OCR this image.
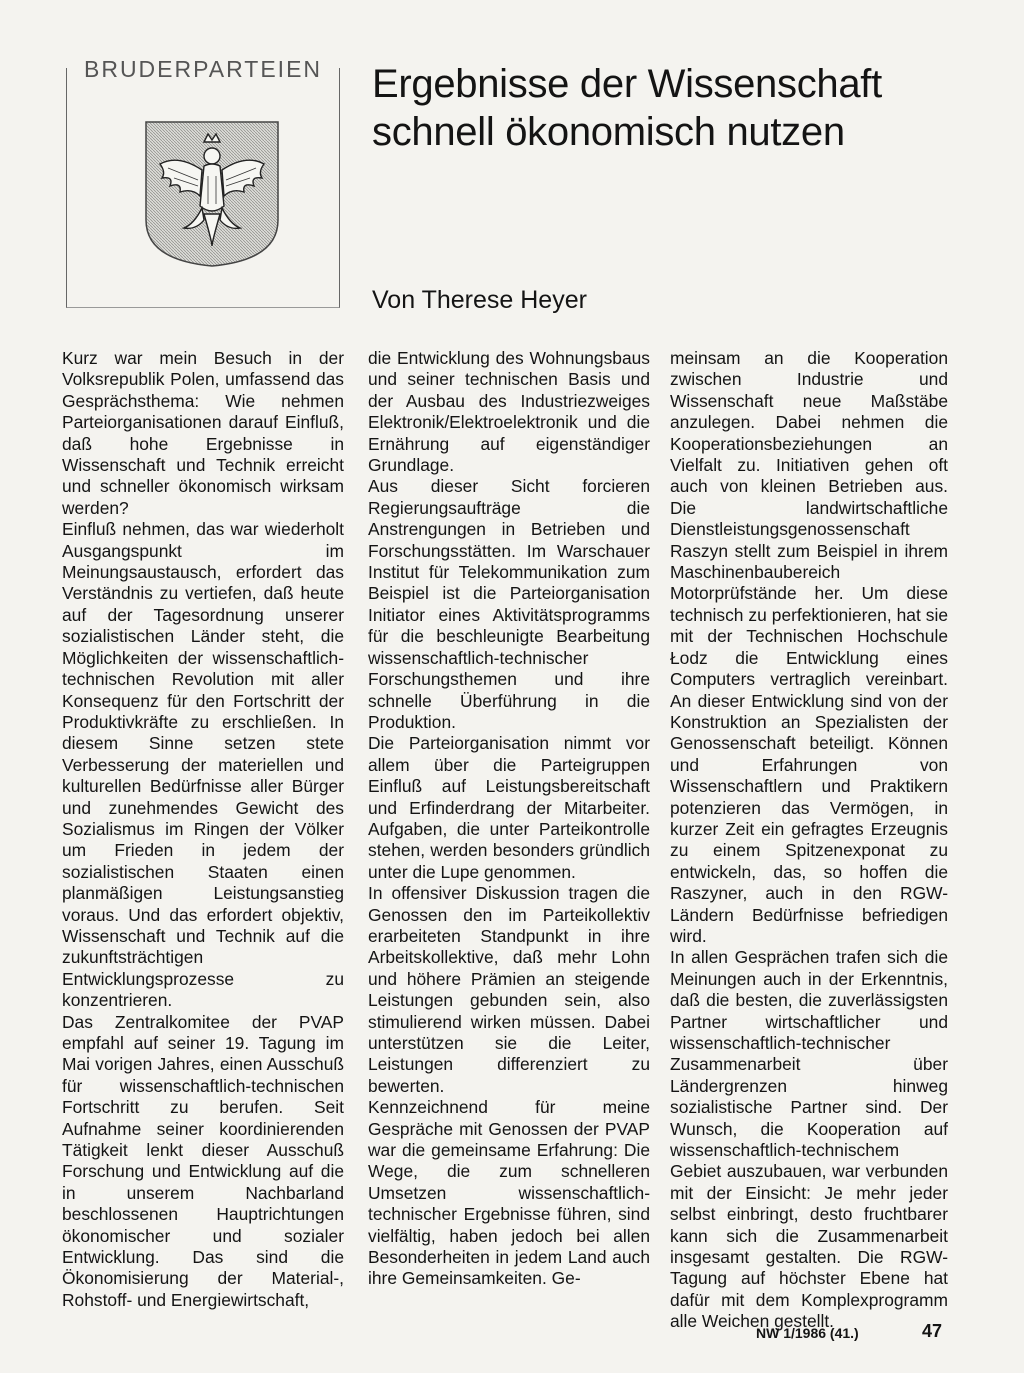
BRUDERPARTEIEN Ergebnisse der Wissenschaft
schnell ökonomisch nutzen
Von Therese Heyer

Kurz war mein Besuch in der Volksrepublik Polen, umfassend das Gesprächsthema: Wie nehmen Parteiorganisationen darauf Einfluß, daß hohe Ergebnisse in Wissenschaft und Technik erreicht und schneller ökonomisch wirksam werden?

Einfluß nehmen, das war wiederholt Ausgangspunkt im Meinungsaustausch, erfordert das Verständnis zu vertiefen, daß heute auf der Tagesordnung unserer sozialistischen Länder steht, die Möglichkeiten der wissenschaftlich-technischen Revolution mit aller Konsequenz für den Fortschritt der Produktivkräfte zu erschließen. In diesem Sinne setzen stete Verbesserung der materiellen und kulturellen Bedürfnisse aller Bürger und zunehmendes Gewicht des Sozialismus im Ringen der Völker um Frieden in jedem der sozialistischen Staaten einen planmäßigen Leistungsanstieg voraus. Und das erfordert objektiv, Wissenschaft und Technik auf die zukunftsträchtigen Entwicklungsprozesse zu konzentrieren.

Das Zentralkomitee der PVAP empfahl auf seiner 19. Tagung im Mai vorigen Jahres, einen Ausschuß für wissenschaftlich-technischen Fortschritt zu berufen. Seit Aufnahme seiner koordinierenden Tätigkeit lenkt dieser Ausschuß Forschung und Entwicklung auf die in unserem Nachbarland beschlossenen Hauptrichtungen ökonomischer und sozialer Entwicklung. Das sind die Ökonomisierung der Material-, Rohstoff- und Energiewirtschaft,

die Entwicklung des Wohnungsbaus und seiner technischen Basis und der Ausbau des Industriezweiges Elektronik/Elektroelektronik und die Ernährung auf eigenständiger Grundlage.

Aus dieser Sicht forcieren Regierungsaufträge die Anstrengungen in Betrieben und Forschungsstätten. Im Warschauer Institut für Telekommunikation zum Beispiel ist die Parteiorganisation Initiator eines Aktivitätsprogramms für die beschleunigte Bearbeitung wissenschaftlich-technischer Forschungsthemen und ihre schnelle Überführung in die Produktion.

Die Parteiorganisation nimmt vor allem über die Parteigruppen Einfluß auf Leistungsbereitschaft und Erfinderdrang der Mitarbeiter. Aufgaben, die unter Parteikontrolle stehen, werden besonders gründlich unter die Lupe genommen.

In offensiver Diskussion tragen die Genossen den im Parteikollektiv erarbeiteten Standpunkt in ihre Arbeitskollektive, daß mehr Lohn und höhere Prämien an steigende Leistungen gebunden sein, also stimulierend wirken müssen. Dabei unterstützen sie die Leiter, Leistungen differenziert zu bewerten.

Kennzeichnend für meine Gespräche mit Genossen der PVAP war die gemeinsame Erfahrung: Die Wege, die zum schnelleren Umsetzen wissenschaftlich-technischer Ergebnisse führen, sind vielfältig, haben jedoch bei allen Besonderheiten in jedem Land auch ihre Gemeinsamkeiten. Ge-

meinsam an die Kooperation zwischen Industrie und Wissenschaft neue Maßstäbe anzulegen. Dabei nehmen die Kooperationsbeziehungen an Vielfalt zu. Initiativen gehen oft auch von kleinen Betrieben aus. Die landwirtschaftliche Dienstleistungsgenossenschaft Raszyn stellt zum Beispiel in ihrem Maschinenbaubereich Motorprüfstände her. Um diese technisch zu perfektionieren, hat sie mit der Technischen Hochschule Łodz die Entwicklung eines Computers vertraglich vereinbart. An dieser Entwicklung sind von der Konstruktion an Spezialisten der Genossenschaft beteiligt. Können und Erfahrungen von Wissenschaftlern und Praktikern potenzieren das Vermögen, in kurzer Zeit ein gefragtes Erzeugnis zu einem Spitzenexponat zu entwickeln, das, so hoffen die Raszyner, auch in den RGW-Ländern Bedürfnisse befriedigen wird.

In allen Gesprächen trafen sich die Meinungen auch in der Erkenntnis, daß die besten, die zuverlässigsten Partner wirtschaftlicher und wissenschaftlich-technischer Zusammenarbeit über Ländergrenzen hinweg sozialistische Partner sind. Der Wunsch, die Kooperation auf wissenschaftlich-technischem Gebiet auszubauen, war verbunden mit der Einsicht: Je mehr jeder selbst einbringt, desto fruchtbarer kann sich die Zusammenarbeit insgesamt gestalten. Die RGW-Tagung auf höchster Ebene hat dafür mit dem Komplexprogramm alle Weichen gestellt.

NW 1/1986 (41.)	47
